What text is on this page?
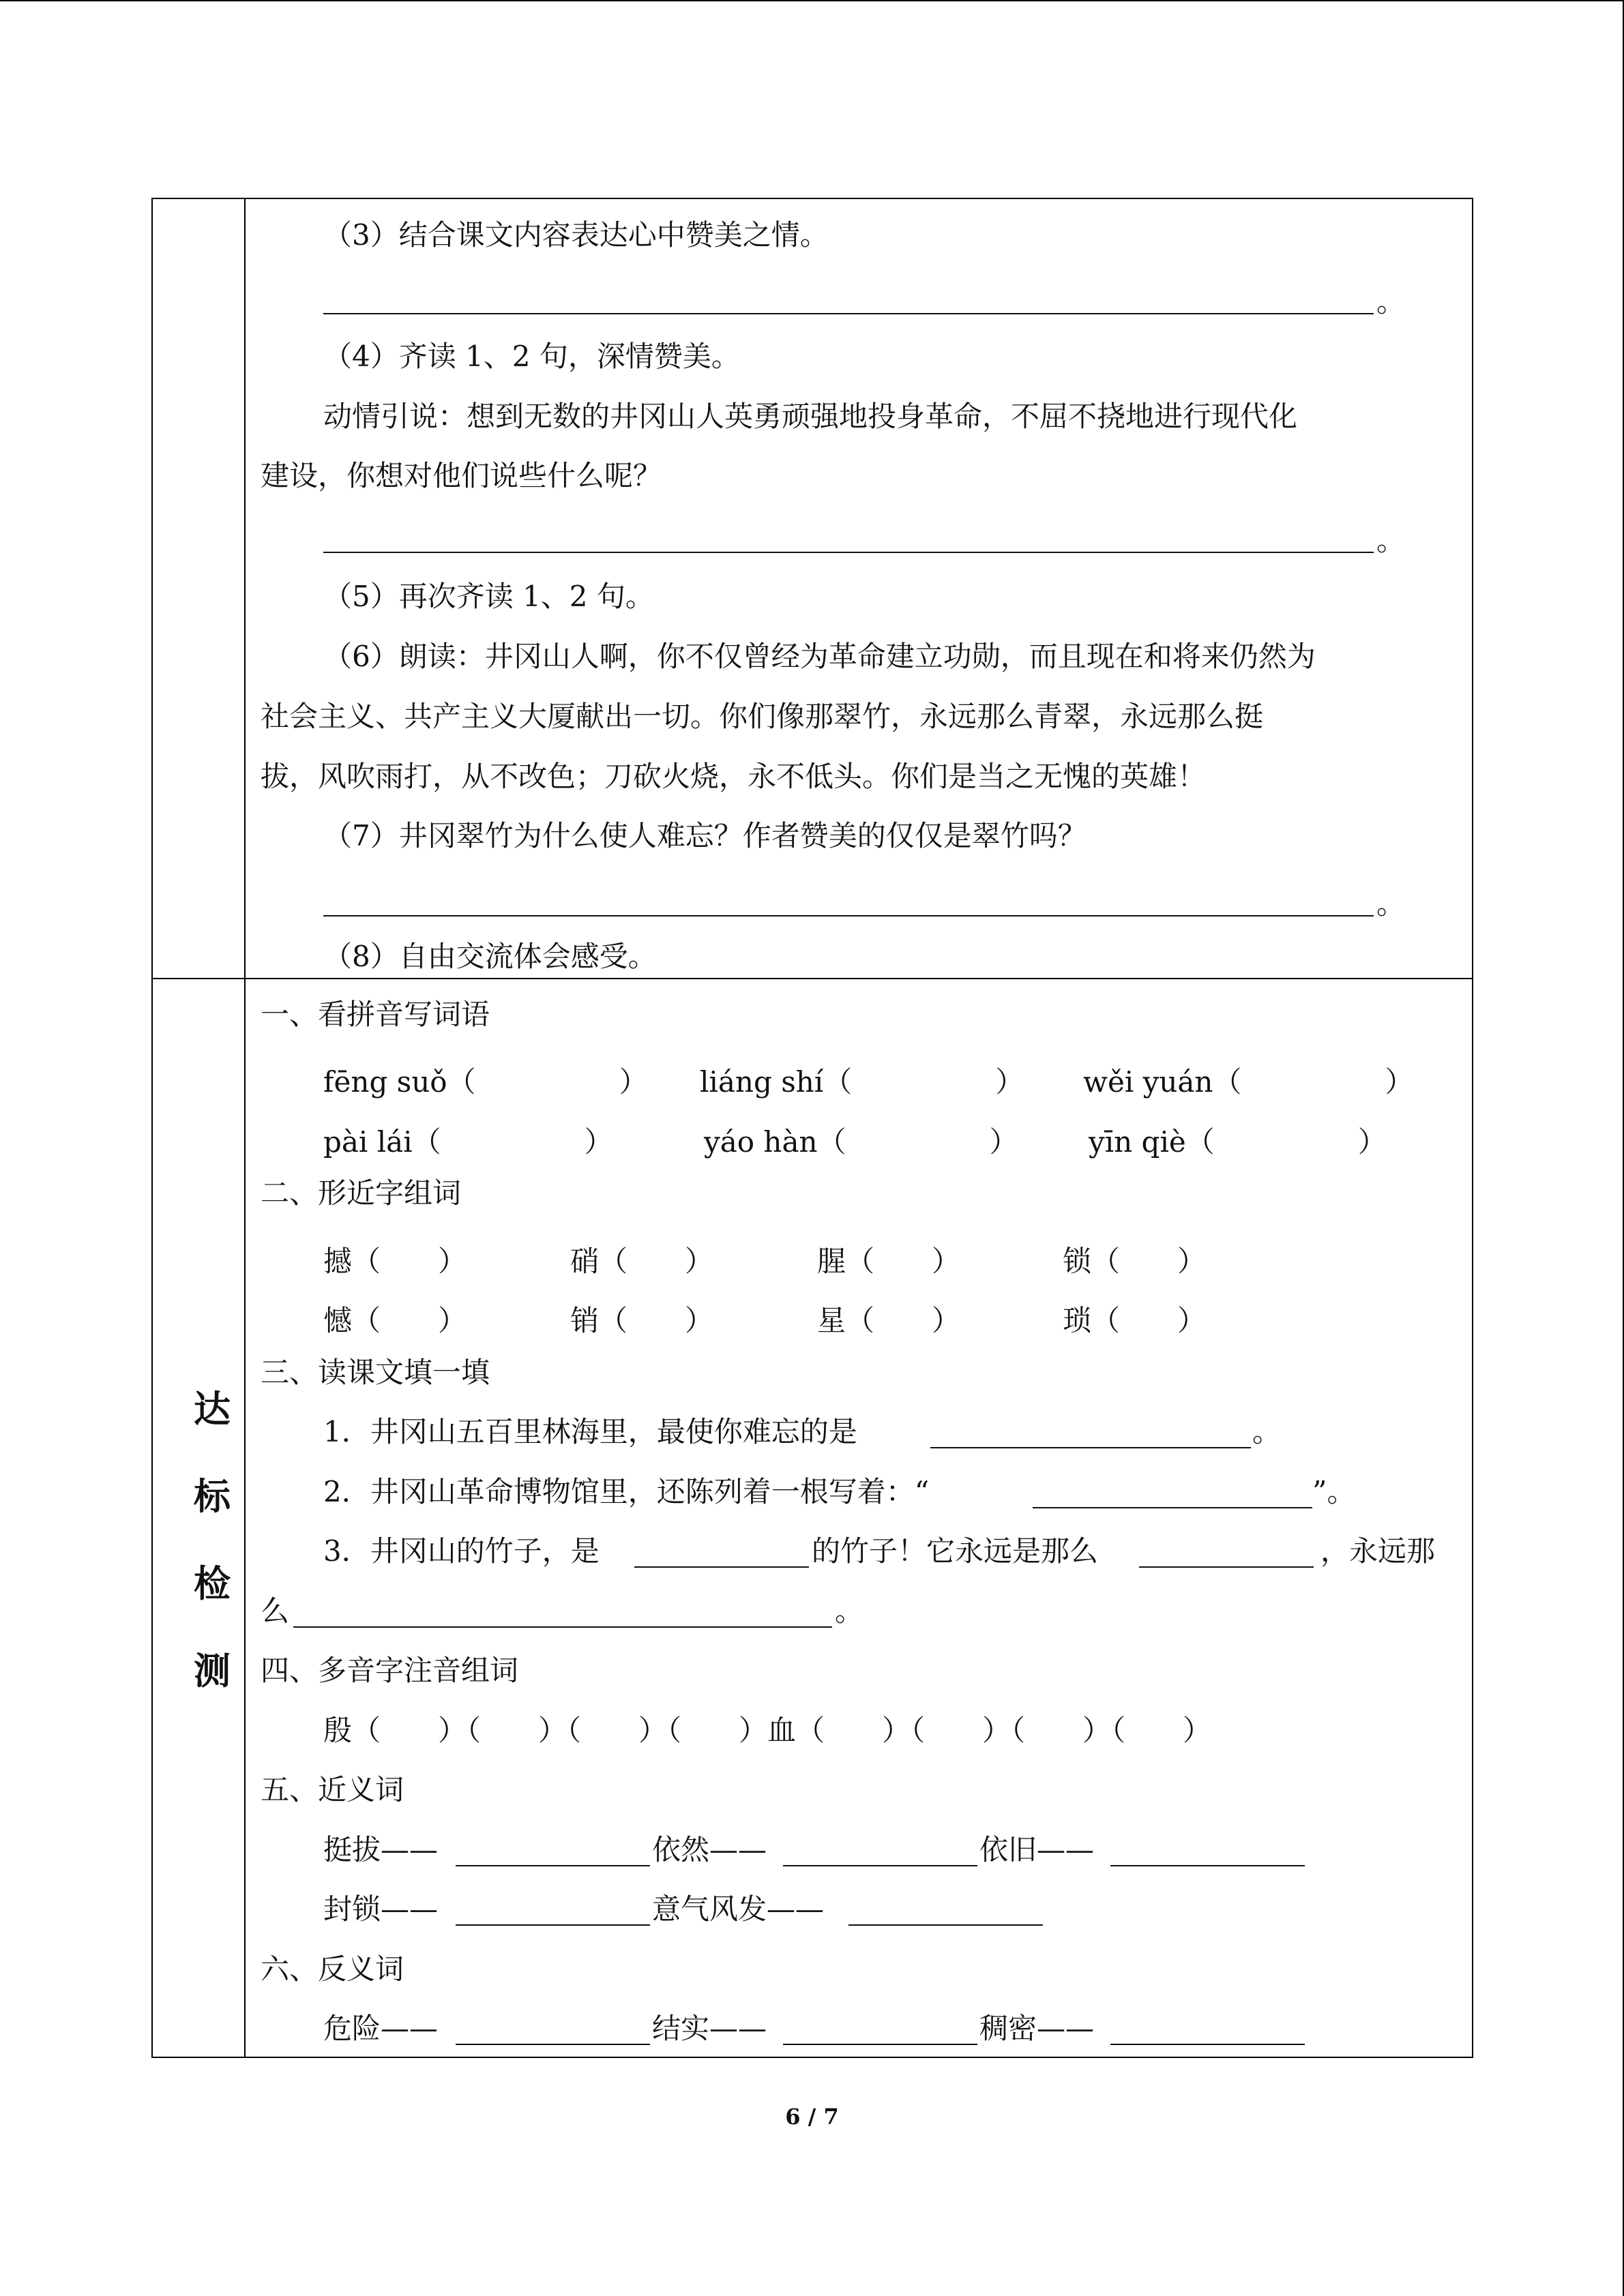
达
标
检
测
（3）结合课文内容表达心中赞美之情。
。
（4）齐读 1、2 句，深情赞美。
动情引说：想到无数的井冈山人英勇顽强地投身革命，不屈不挠地进行现代化
建设，你想对他们说些什么呢？
。
（5）再次齐读 1、2 句。
（6）朗读：井冈山人啊，你不仅曾经为革命建立功勋，而且现在和将来仍然为
社会主义、共产主义大厦献出一切。你们像那翠竹，永远那么青翠，永远那么挺
拔，风吹雨打，从不改色；刀砍火烧，永不低头。你们是当之无愧的英雄！
（7）井冈翠竹为什么使人难忘？作者赞美的仅仅是翠竹吗？
。
（8）自由交流体会感受。
一、看拼音写词语
fēng suǒ（　　　　　） liáng shí（　　　　　） wěi yuán（　　　　　）
pài lái（　　　　　）	yáo hàn（　　　　　） yīn qiè（　　　　　）
二、形近字组词
撼（　　）	硝（　　）	腥（　　）	锁（　　）
憾（　　）	销（　　）	星（　　）	琐（　　）
三、读课文填一填
1．井冈山五百里林海里，最使你难忘的是	。
2．井冈山革命博物馆里，还陈列着一根写着：“	”。
3．井冈山的竹子，是	的竹子！它永远是那么	，永远那
么	。
四、多音字注音组词
殷（　　）（　　）（　　）（　　）血（　　）（　　）（　　）（　　）
五、近义词
挺拔——	依然——	依旧——
封锁——	意气风发——
六、反义词
危险——	结实——	稠密——
6 / 7
